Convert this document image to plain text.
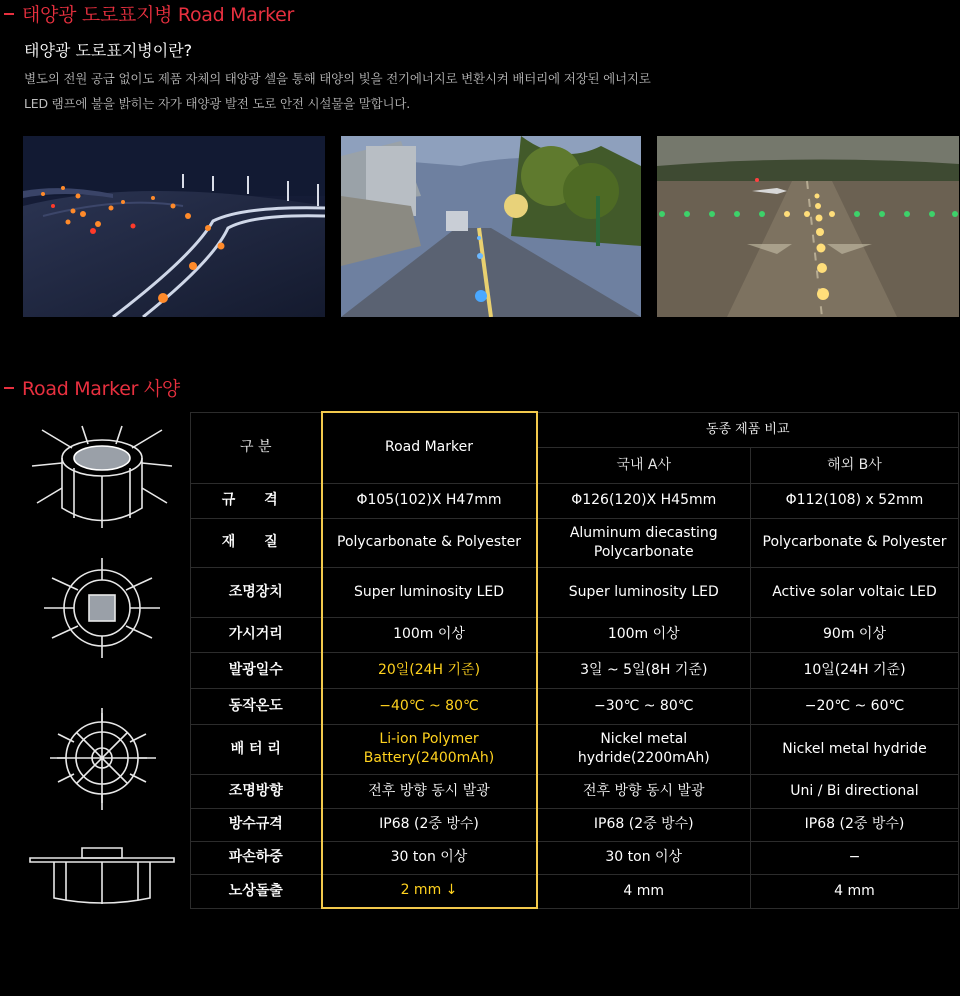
태양광 도로표지병 Road Marker
태양광 도로표지병이란?
별도의 전원 공급 없이도 제품 자체의 태양광 셀을 통해 태양의 빛을 전기에너지로 변환시켜 배터리에 저장된 에너지로
LED 램프에 불을 밝히는 자가 태양광 발전 도로 안전 시설물을 말합니다.
Road Marker 사양
구 분	Road Marker	동종 제품 비교	
		국내 A사	해외 B사
규 격	Φ105(102)Χ H47mm	Φ126(120)Χ H45mm	Φ112(108) x 52mm
재 질	Polycarbonate & Polyester	Aluminum diecasting Polycarbonate	Polycarbonate & Polyester
조명장치	Super luminosity LED	Super luminosity LED	Active solar voltaic LED
가시거리	100m 이상	100m 이상	90m 이상
발광일수	20일(24H 기준)	3일 ~ 5일(8H 기준)	10일(24H 기준)
동작온도	−40℃ ~ 80℃	−30℃ ~ 80℃	−20℃ ~ 60℃
배 터 리	Li-ion Polymer Battery(2400mAh)	Nickel metal hydride(2200mAh)	Nickel metal hydride
조명방향	전후 방향 동시 발광	전후 방향 동시 발광	Uni / Bi directional
방수규격	IP68 (2중 방수)	IP68 (2중 방수)	IP68 (2중 방수)
파손하중	30 ton 이상	30 ton 이상	−
노상돌출	2 mm ↓	4 mm	4 mm
